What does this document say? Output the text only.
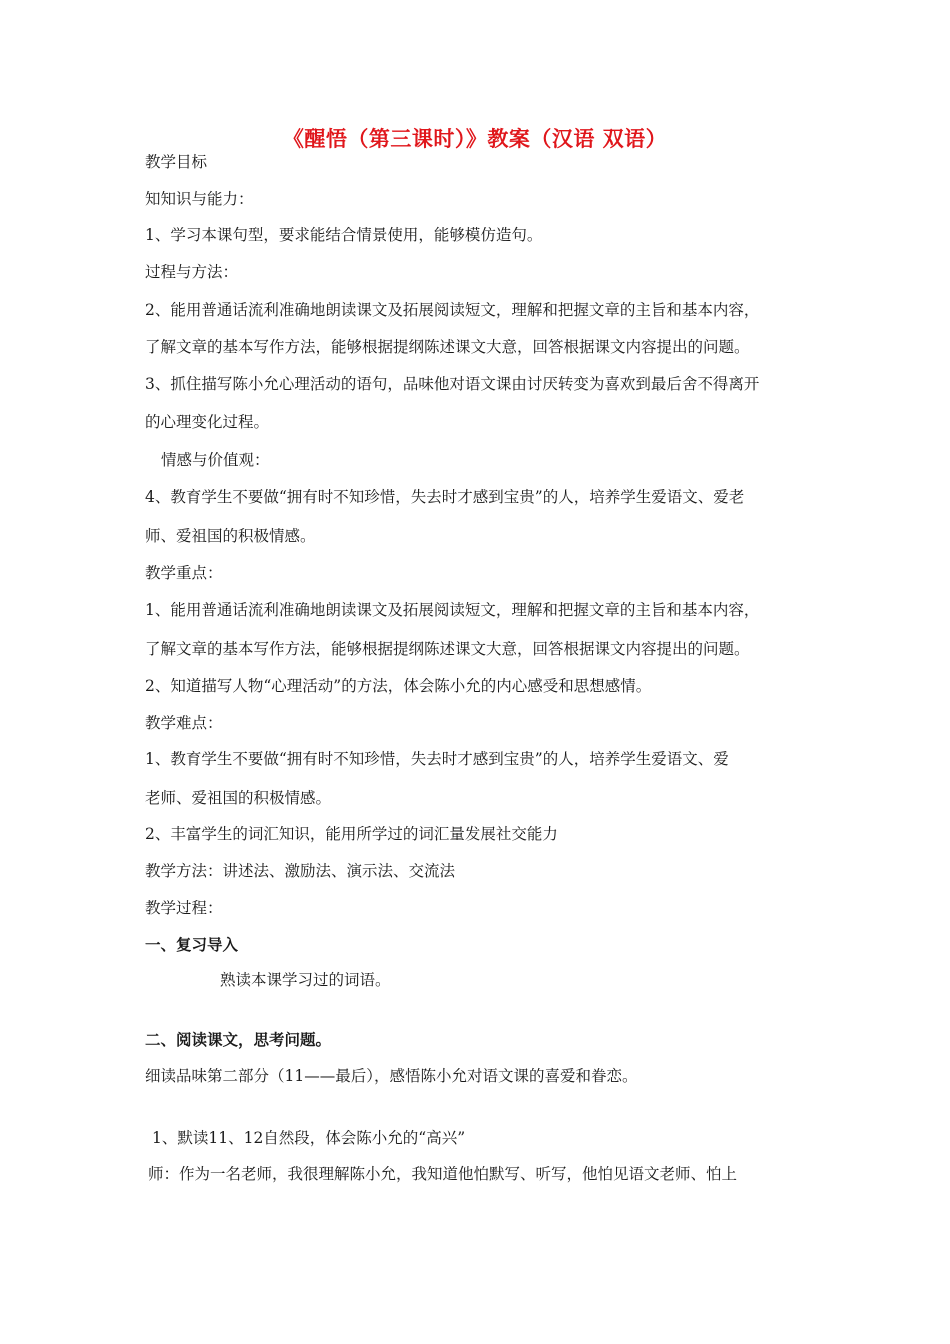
《醒悟（第三课时）》教案（汉语 双语）
教学目标
知知识与能力：
1、学习本课句型，要求能结合情景使用，能够模仿造句。
过程与方法：
2、能用普通话流利准确地朗读课文及拓展阅读短文，理解和把握文章的主旨和基本内容，
了解文章的基本写作方法，能够根据提纲陈述课文大意，回答根据课文内容提出的问题。
3、抓住描写陈小允心理活动的语句，品味他对语文课由讨厌转变为喜欢到最后舍不得离开
的心理变化过程。
情感与价值观：
4、教育学生不要做“拥有时不知珍惜，失去时才感到宝贵”的人，培养学生爱语文、爱老
师、爱祖国的积极情感。
教学重点：
1、能用普通话流利准确地朗读课文及拓展阅读短文，理解和把握文章的主旨和基本内容，
了解文章的基本写作方法，能够根据提纲陈述课文大意，回答根据课文内容提出的问题。
2、知道描写人物“心理活动”的方法，体会陈小允的内心感受和思想感情。
教学难点：
1、教育学生不要做“拥有时不知珍惜，失去时才感到宝贵”的人，培养学生爱语文、爱
老师、爱祖国的积极情感。
2、丰富学生的词汇知识，能用所学过的词汇量发展社交能力
教学方法：讲述法、激励法、演示法、交流法
教学过程：
一、复习导入
熟读本课学习过的词语。
二、阅读课文，思考问题。
细读品味第二部分（11——最后），感悟陈小允对语文课的喜爱和眷恋。
1、默读11、12自然段，体会陈小允的“高兴”
师：作为一名老师，我很理解陈小允，我知道他怕默写、听写，他怕见语文老师、怕上
